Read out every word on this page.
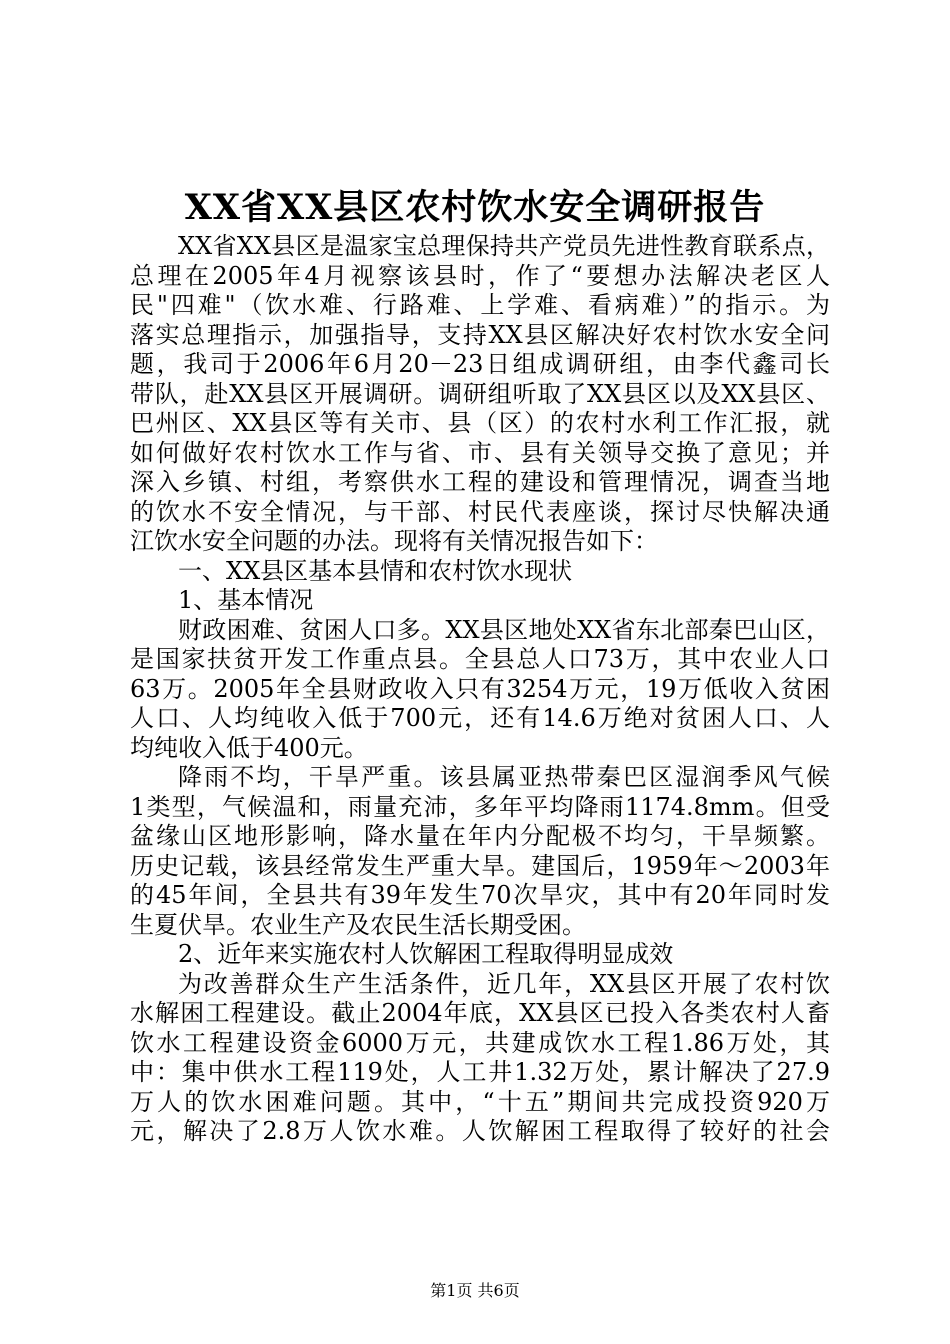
XX省XX县区农村饮水安全调研报告
XX省XX县区是温家宝总理保持共产党员先进性教育联系点，
总理在2005年4月视察该县时，作了“要想办法解决老区人
民"四难"（饮水难、行路难、上学难、看病难）”的指示。为
落实总理指示，加强指导，支持XX县区解决好农村饮水安全问
题，我司于2006年6月20－23日组成调研组，由李代鑫司长
带队，赴XX县区开展调研。调研组听取了XX县区以及XX县区、
巴州区、XX县区等有关市、县（区）的农村水利工作汇报，就
如何做好农村饮水工作与省、市、县有关领导交换了意见；并
深入乡镇、村组，考察供水工程的建设和管理情况，调查当地
的饮水不安全情况，与干部、村民代表座谈，探讨尽快解决通
江饮水安全问题的办法。现将有关情况报告如下：
一、XX县区基本县情和农村饮水现状
1、基本情况
财政困难、贫困人口多。XX县区地处XX省东北部秦巴山区，
是国家扶贫开发工作重点县。全县总人口73万，其中农业人口
63万。2005年全县财政收入只有3254万元，19万低收入贫困
人口、人均纯收入低于700元，还有14.6万绝对贫困人口、人
均纯收入低于400元。
降雨不均，干旱严重。该县属亚热带秦巴区湿润季风气候
1类型，气候温和，雨量充沛，多年平均降雨1174.8mm。但受
盆缘山区地形影响，降水量在年内分配极不均匀，干旱频繁。
历史记载，该县经常发生严重大旱。建国后，1959年～2003年
的45年间，全县共有39年发生70次旱灾，其中有20年同时发
生夏伏旱。农业生产及农民生活长期受困。
2、近年来实施农村人饮解困工程取得明显成效
为改善群众生产生活条件，近几年，XX县区开展了农村饮
水解困工程建设。截止2004年底，XX县区已投入各类农村人畜
饮水工程建设资金6000万元，共建成饮水工程1.86万处，其
中：集中供水工程119处，人工井1.32万处，累计解决了27.9
万人的饮水困难问题。其中，“十五”期间共完成投资920万
元，解决了2.8万人饮水难。人饮解困工程取得了较好的社会
第1页 共6页
